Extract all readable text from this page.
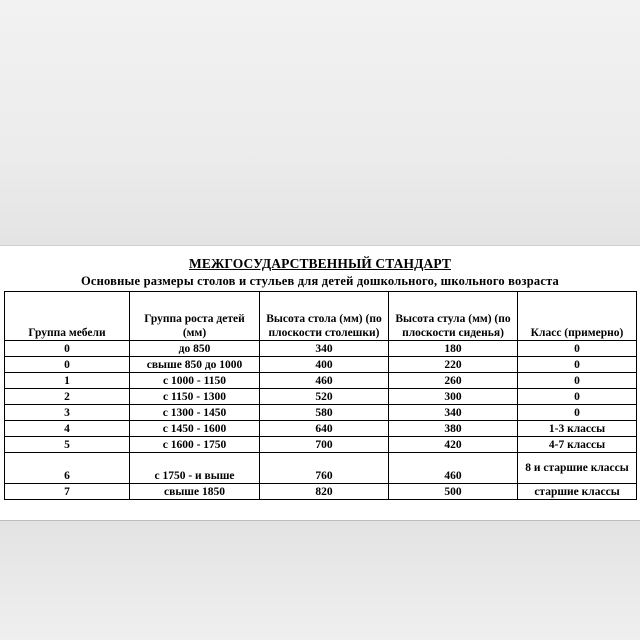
МЕЖГОСУДАРСТВЕННЫЙ СТАНДАРТ
Основные размеры столов и стульев для детей дошкольного, школьного возраста
Группа мебели	Группа роста детей (мм)	Высота стола (мм) (по плоскости столешки)	Высота стула (мм) (по плоскости сиденья)	Класс (примерно)
0	до 850	340	180	0
0	свыше 850 до 1000	400	220	0
1	с 1000 - 1150	460	260	0
2	с 1150 - 1300	520	300	0
3	с 1300 - 1450	580	340	0
4	с 1450 - 1600	640	380	1-3 классы
5	с 1600 - 1750	700	420	4-7 классы
6	с 1750 - и выше	760	460	8 и старшие классы
7	свыше 1850	820	500	старшие классы
